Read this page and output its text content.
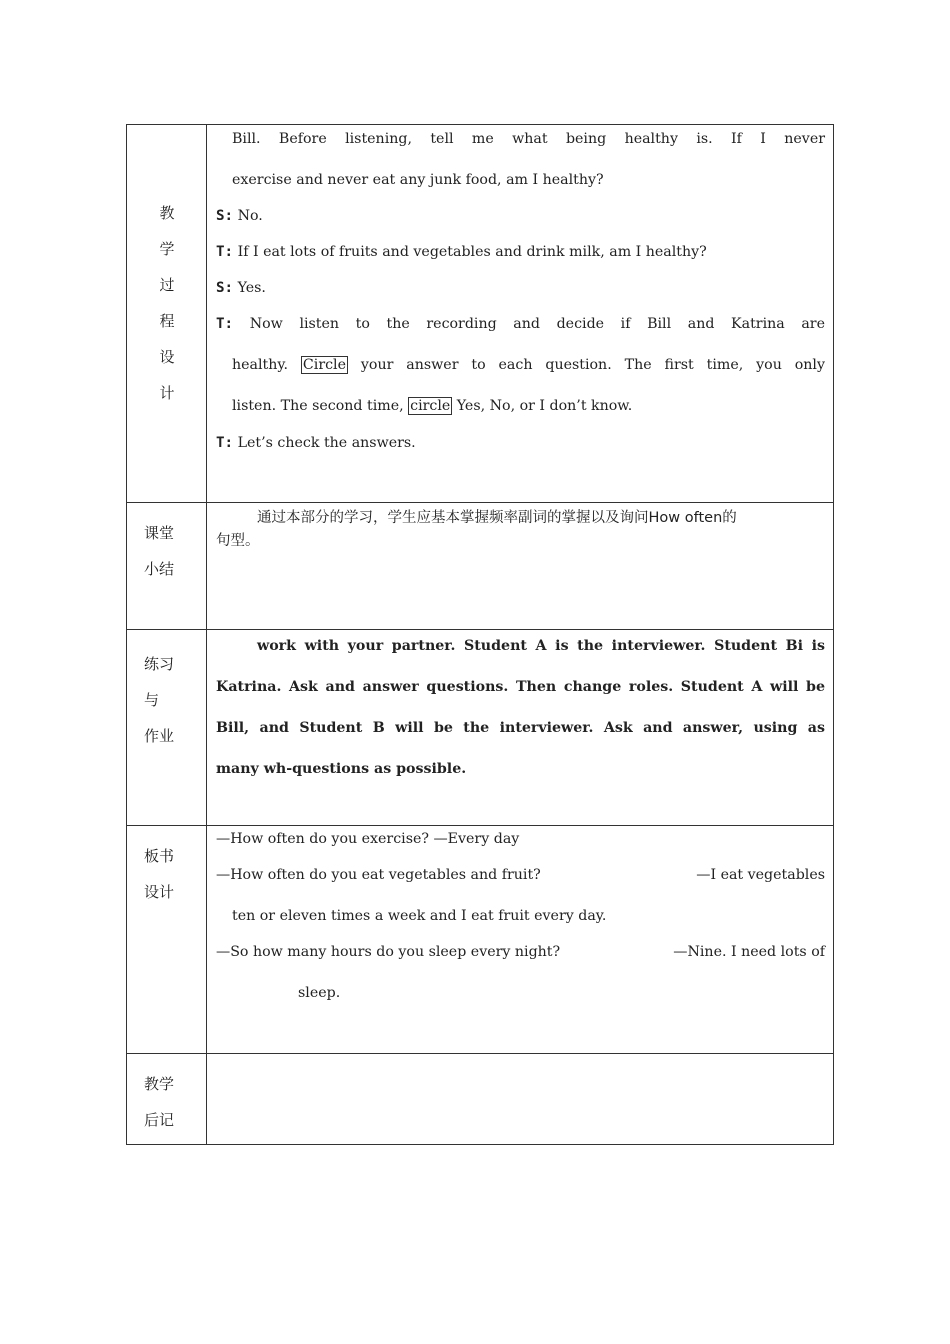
教
学
过
程
设
计
Bill. Before listening, tell me what being healthy is. If I never
exercise and never eat any junk food, am I healthy?
S: No.
T: If I eat lots of fruits and vegetables and drink milk, am I healthy?
S: Yes.
T: Now listen to the recording and decide if Bill and Katrina are
healthy. Circle your answer to each question. The first time, you only
listen. The second time, circle Yes, No, or I don’t know.
T: Let’s check the answers.
课堂
小结
通过本部分的学习，学生应基本掌握频率副词的掌握以及询问How often的
句型。
练习
与
作业
work with your partner. Student A is the interviewer. Student Bi is
Katrina. Ask and answer questions. Then change roles. Student A will be
Bill, and Student B will be the interviewer. Ask and answer, using as
many wh-questions as possible.
板书
设计
—How often do you exercise? —Every day
—How often do you eat vegetables and fruit?	—I eat vegetables
ten or eleven times a week and I eat fruit every day.
—So how many hours do you sleep every night?	—Nine. I need lots of
sleep.
教学
后记
